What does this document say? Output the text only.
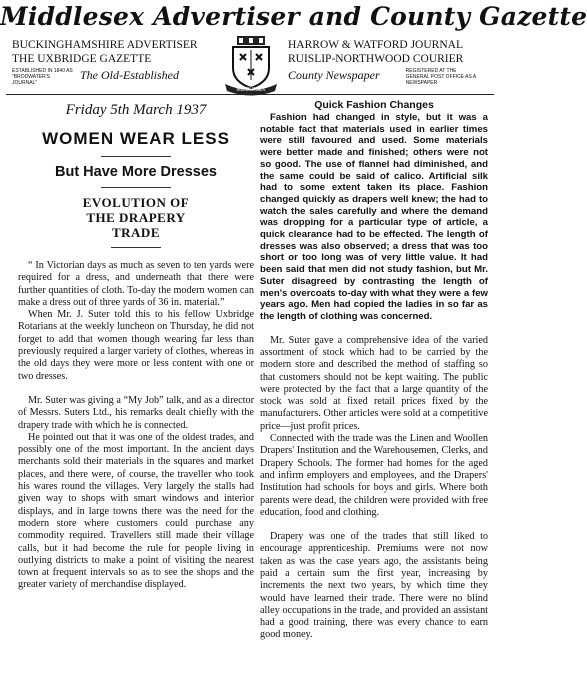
Middlesex Advertiser and County Gazette
BUCKINGHAMSHIRE ADVERTISER
THE UXBRIDGE GAZETTE
ESTABLISHED IN 1840 AS "BRODWATER'S JOURNAL"
The Old-Established
MIDDLESEX
HARROW & WATFORD JOURNAL
RUISLIP-NORTHWOOD COURIER
County Newspaper	REGISTERED AT THE GENERAL POST OFFICE AS A NEWSPAPER
Friday 5th March 1937
WOMEN WEAR LESS
But Have More Dresses
EVOLUTION OF THE DRAPERY TRADE

“ In Victorian days as much as seven to ten yards were required for a dress, and underneath that there were further quantities of cloth. To-day the modern women can make a dress out of three yards of 36 in. material.”

When Mr. J. Suter told this to his fellow Uxbridge Rotarians at the weekly luncheon on Thursday, he did not forget to add that women though wearing far less than previously required a larger variety of clothes, whereas in the old days they were more or less content with one or two dresses.

Mr. Suter was giving a “My Job” talk, and as a director of Messrs. Suters Ltd., his remarks dealt chiefly with the drapery trade with which he is connected.

He pointed out that it was one of the oldest trades, and possibly one of the most important. In the ancient days merchants sold their materials in the squares and market places, and there were, of course, the traveller who took his wares round the villages. Very largely the stalls had given way to shops with smart windows and interior displays, and in large towns there was the need for the modern store where customers could purchase any commodity required. Travellers still made their village calls, but it had become the rule for people living in outlying districts to make a point of visiting the nearest town at frequent intervals so as to see the shops and the greater variety of merchandise displayed.

Quick Fashion Changes

Fashion had changed in style, but it was a notable fact that materials used in earlier times were still favoured and used. Some materials were better made and finished; others were not so good. The use of flannel had diminished, and the same could be said of calico. Artificial silk had to some extent taken its place. Fashion changed quickly as drapers well knew; the had to watch the sales carefully and where the demand was dropping for a particular type of article, a quick clearance had to be effected. The length of dresses was also observed; a dress that was too short or too long was of very little value. It had been said that men did not study fashion, but Mr. Suter disagreed by contrasting the length of men's overcoats to-day with what they were a few years ago. Men had copied the ladies in so far as the length of clothing was concerned.

Mr. Suter gave a comprehensive idea of the varied assortment of stock which had to be carried by the modern store and described the method of staffing so that customers should not be kept waiting. The public were protected by the fact that a large quantity of the stock was sold at fixed retail prices fixed by the manufacturers. Other articles were sold at a competitive price—just profit prices.

Connected with the trade was the Linen and Woollen Drapers' Institution and the Warehousemen, Clerks, and Drapery Schools. The former had homes for the aged and infirm employers and employees, and the Drapers' Institution had schools for boys and girls. Where both parents were dead, the children were provided with free education, food and clothing.

Drapery was one of the trades that still liked to encourage apprenticeship. Premiums were not now taken as was the case years ago, the assistants being paid a certain sum the first year, increasing by increments the next two years, by which time they would have learned their trade. There were no blind alley occupations in the trade, and provided an assistant had a good training, there was every chance to earn good money.
